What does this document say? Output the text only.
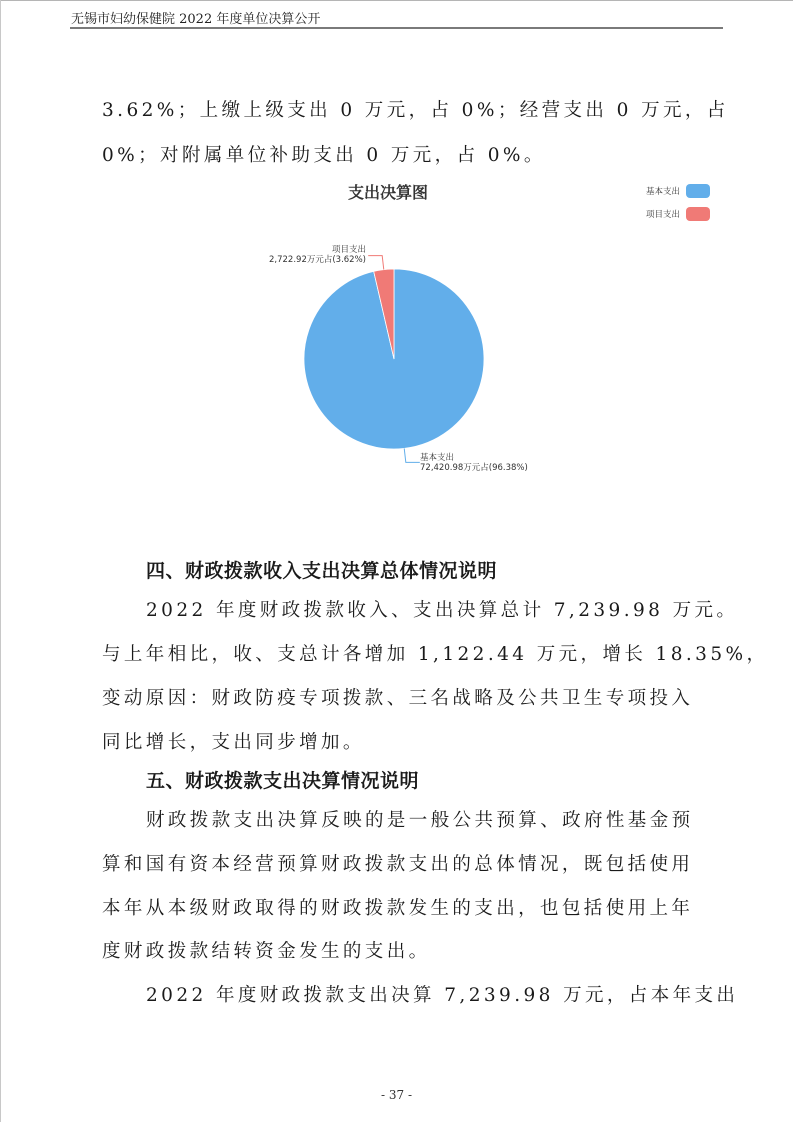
无锡市妇幼保健院 2022 年度单位决算公开
3.62%；上缴上级支出 0 万元，占 0%；经营支出 0 万元，占
0%；对附属单位补助支出 0 万元，占 0%。
支出决算图	基本支出
项目支出
项目支出
2,722.92万元占(3.62%)
基本支出
72,420.98万元占(96.38%)
四、财政拨款收入支出决算总体情况说明
2022 年度财政拨款收入、支出决算总计 7,239.98 万元。
与上年相比，收、支总计各增加 1,122.44 万元，增长 18.35%，
变动原因：财政防疫专项拨款、三名战略及公共卫生专项投入
同比增长，支出同步增加。
五、财政拨款支出决算情况说明
财政拨款支出决算反映的是一般公共预算、政府性基金预
算和国有资本经营预算财政拨款支出的总体情况，既包括使用
本年从本级财政取得的财政拨款发生的支出，也包括使用上年
度财政拨款结转资金发生的支出。
2022 年度财政拨款支出决算 7,239.98 万元，占本年支出
- 37 -
